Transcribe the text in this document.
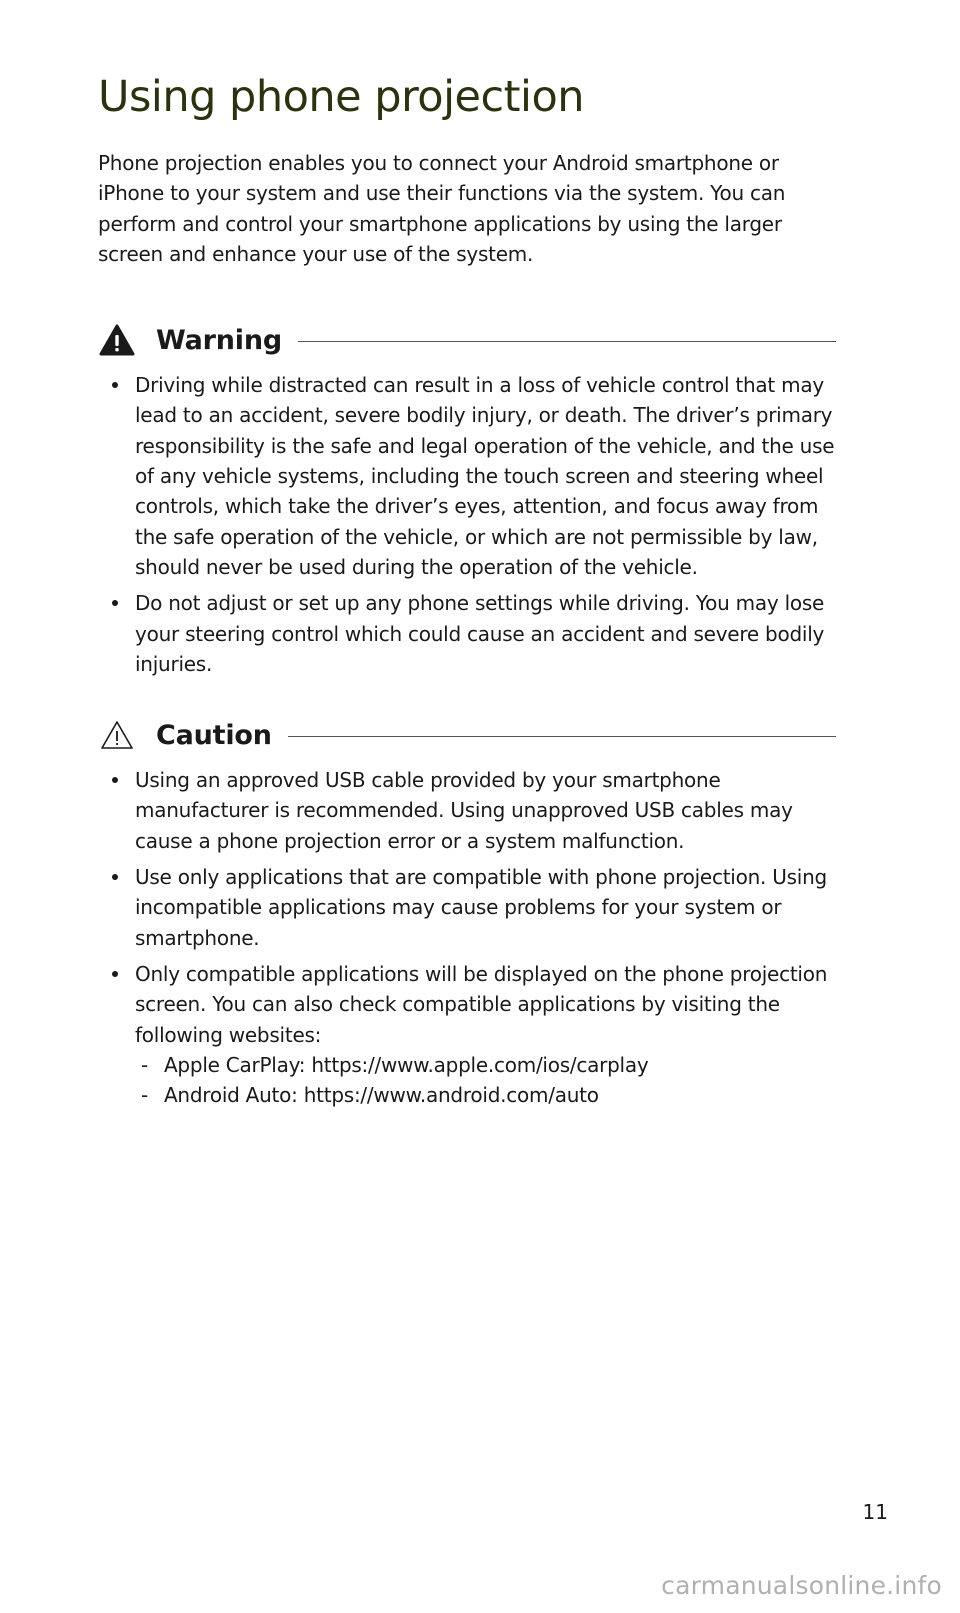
Using phone projection

Phone projection enables you to connect your Android smartphone or iPhone to your system and use their functions via the system. You can perform and control your smartphone applications by using the larger screen and enhance your use of the system.

Warning
Driving while distracted can result in a loss of vehicle control that may lead to an accident, severe bodily injury, or death. The driver’s primary responsibility is the safe and legal operation of the vehicle, and the use of any vehicle systems, including the touch screen and steering wheel controls, which take the driver’s eyes, attention, and focus away from the safe operation of the vehicle, or which are not permissible by law, should never be used during the operation of the vehicle.
Do not adjust or set up any phone settings while driving. You may lose your steering control which could cause an accident and severe bodily injuries.
Caution
Using an approved USB cable provided by your smartphone manufacturer is recommended. Using unapproved USB cables may cause a phone projection error or a system malfunction.
Use only applications that are compatible with phone projection. Using incompatible applications may cause problems for your system or smartphone.
Only compatible applications will be displayed on the phone projection screen. You can also check compatible applications by visiting the following websites:
- Apple CarPlay: https://www.apple.com/ios/carplay
- Android Auto: https://www.android.com/auto
11
carmanualsonline.info
